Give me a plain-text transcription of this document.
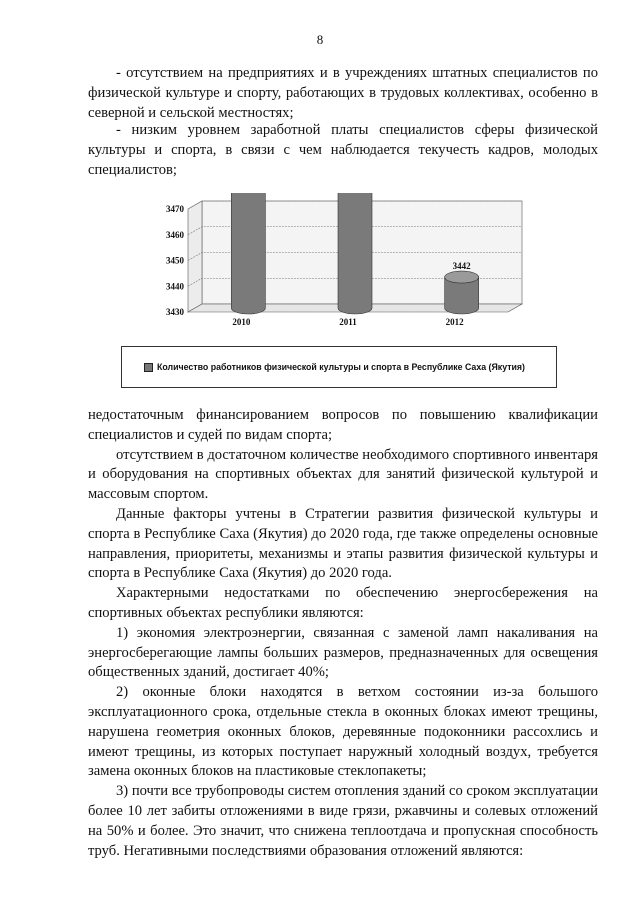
8

- отсутствием на предприятиях и в учреждениях штатных специалистов по физической культуре и спорту, работающих в трудовых коллективах, особенно в северной и сельской местностях;

- низким уровнем заработной платы специалистов сферы физической культуры и спорта, в связи с чем наблюдается текучесть кадров, молодых специалистов;

3430
3440
3450
3460
3470
2010	2011
3442
2012
Количество работников физической культуры и спорта в Республике Саха (Якутия)

недостаточным финансированием вопросов по повышению квалификации специалистов и судей по видам спорта;

отсутствием в достаточном количестве необходимого спортивного инвентаря и оборудования на спортивных объектах для занятий физической культурой и массовым спортом.

Данные факторы учтены в Стратегии развития физической культуры и спорта в Республике Саха (Якутия) до 2020 года, где также определены основные направления, приоритеты, механизмы и этапы развития физической культуры и спорта в Республике Саха (Якутия) до 2020 года.

Характерными недостатками по обеспечению энергосбережения на спортивных объектах республики являются:

1) экономия электроэнергии, связанная с заменой ламп накаливания на энергосберегающие лампы больших размеров, предназначенных для освещения общественных зданий, достигает 40%;

2) оконные блоки находятся в ветхом состоянии из-за большого эксплуатационного срока, отдельные стекла в оконных блоках имеют трещины, нарушена геометрия оконных блоков, деревянные подоконники рассохлись и имеют трещины, из которых поступает наружный холодный воздух, требуется замена оконных блоков на пластиковые стеклопакеты;

3) почти все трубопроводы систем отопления зданий со сроком эксплуатации более 10 лет забиты отложениями в виде грязи, ржавчины и солевых отложений на 50% и более. Это значит, что снижена теплоотдача и пропускная способность труб. Негативными последствиями образования отложений являются:
